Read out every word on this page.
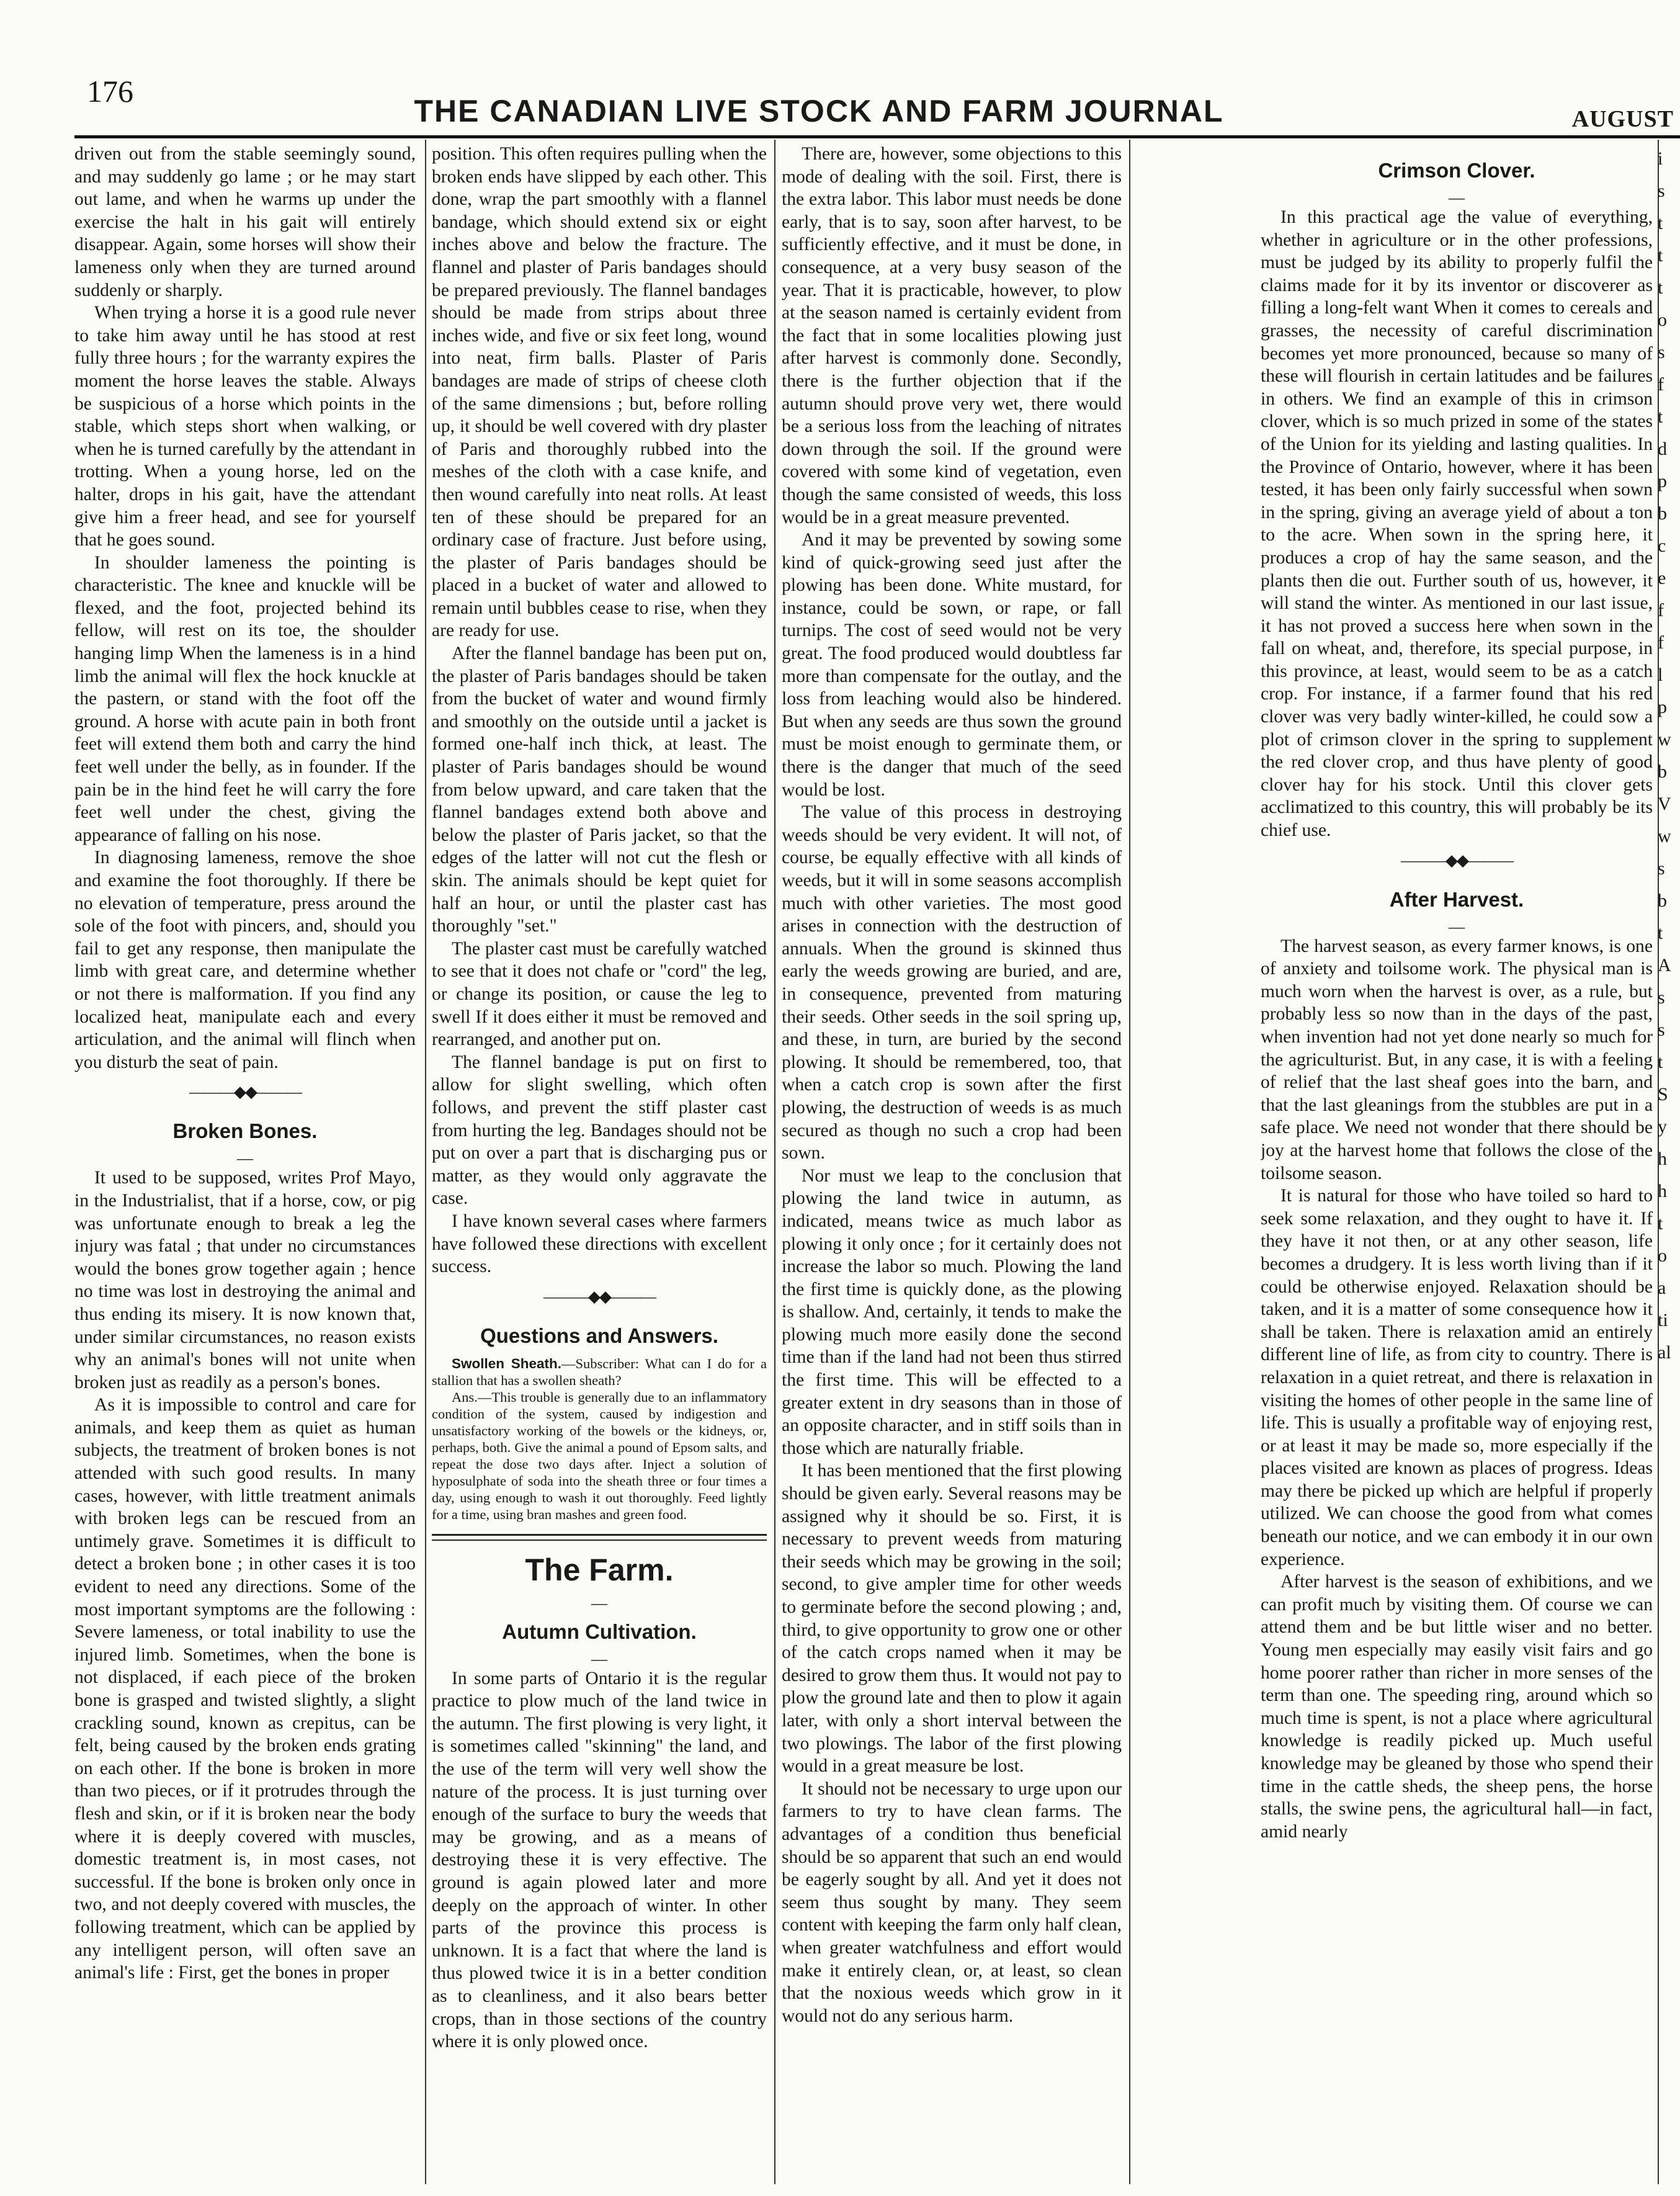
176
THE CANADIAN LIVE STOCK AND FARM JOURNAL	AUGUST

driven out from the stable seemingly sound, and may suddenly go lame ; or he may start out lame, and when he warms up under the exercise the halt in his gait will entirely disappear. Again, some horses will show their lameness only when they are turned around suddenly or sharply.

When trying a horse it is a good rule never to take him away until he has stood at rest fully three hours ; for the warranty expires the moment the horse leaves the stable. Always be suspicious of a horse which points in the stable, which steps short when walking, or when he is turned carefully by the attendant in trotting. When a young horse, led on the halter, drops in his gait, have the attendant give him a freer head, and see for yourself that he goes sound.

In shoulder lameness the pointing is characteristic. The knee and knuckle will be flexed, and the foot, projected behind its fellow, will rest on its toe, the shoulder hanging limp When the lameness is in a hind limb the animal will flex the hock knuckle at the pastern, or stand with the foot off the ground. A horse with acute pain in both front feet will extend them both and carry the hind feet well under the belly, as in founder. If the pain be in the hind feet he will carry the fore feet well under the chest, giving the appearance of falling on his nose.

In diagnosing lameness, remove the shoe and examine the foot thoroughly. If there be no elevation of temperature, press around the sole of the foot with pincers, and, should you fail to get any response, then manipulate the limb with great care, and determine whether or not there is malformation. If you find any localized heat, manipulate each and every articulation, and the animal will flinch when you disturb the seat of pain.

———◆◆———
Broken Bones.
—

It used to be supposed, writes Prof Mayo, in the Industrialist, that if a horse, cow, or pig was unfortunate enough to break a leg the injury was fatal ; that under no circumstances would the bones grow together again ; hence no time was lost in destroying the animal and thus ending its misery. It is now known that, under similar circumstances, no reason exists why an animal's bones will not unite when broken just as readily as a person's bones.

As it is impossible to control and care for animals, and keep them as quiet as human subjects, the treatment of broken bones is not attended with such good results. In many cases, however, with little treatment animals with broken legs can be rescued from an untimely grave. Sometimes it is difficult to detect a broken bone ; in other cases it is too evident to need any directions. Some of the most important symptoms are the following : Severe lameness, or total inability to use the injured limb. Sometimes, when the bone is not displaced, if each piece of the broken bone is grasped and twisted slightly, a slight crackling sound, known as crepitus, can be felt, being caused by the broken ends grating on each other. If the bone is broken in more than two pieces, or if it protrudes through the flesh and skin, or if it is broken near the body where it is deeply covered with muscles, domestic treatment is, in most cases, not successful. If the bone is broken only once in two, and not deeply covered with muscles, the following treatment, which can be applied by any intelligent person, will often save an animal's life : First, get the bones in proper

position. This often requires pulling when the broken ends have slipped by each other. This done, wrap the part smoothly with a flannel bandage, which should extend six or eight inches above and below the fracture. The flannel and plaster of Paris bandages should be prepared previously. The flannel bandages should be made from strips about three inches wide, and five or six feet long, wound into neat, firm balls. Plaster of Paris bandages are made of strips of cheese cloth of the same dimensions ; but, before rolling up, it should be well covered with dry plaster of Paris and thoroughly rubbed into the meshes of the cloth with a case knife, and then wound carefully into neat rolls. At least ten of these should be prepared for an ordinary case of fracture. Just before using, the plaster of Paris bandages should be placed in a bucket of water and allowed to remain until bubbles cease to rise, when they are ready for use.

After the flannel bandage has been put on, the plaster of Paris bandages should be taken from the bucket of water and wound firmly and smoothly on the outside until a jacket is formed one-half inch thick, at least. The plaster of Paris bandages should be wound from below upward, and care taken that the flannel bandages extend both above and below the plaster of Paris jacket, so that the edges of the latter will not cut the flesh or skin. The animals should be kept quiet for half an hour, or until the plaster cast has thoroughly "set."

The plaster cast must be carefully watched to see that it does not chafe or "cord" the leg, or change its position, or cause the leg to swell If it does either it must be removed and rearranged, and another put on.

The flannel bandage is put on first to allow for slight swelling, which often follows, and prevent the stiff plaster cast from hurting the leg. Bandages should not be put on over a part that is discharging pus or matter, as they would only aggravate the case.

I have known several cases where farmers have followed these directions with excellent success.

———◆◆———
Questions and Answers.

Swollen Sheath.—Subscriber: What can I do for a stallion that has a swollen sheath?

Ans.—This trouble is generally due to an inflammatory condition of the system, caused by indigestion and unsatisfactory working of the bowels or the kidneys, or, perhaps, both. Give the animal a pound of Epsom salts, and repeat the dose two days after. Inject a solution of hyposulphate of soda into the sheath three or four times a day, using enough to wash it out thoroughly. Feed lightly for a time, using bran mashes and green food.

The Farm.
—
Autumn Cultivation.
—

In some parts of Ontario it is the regular practice to plow much of the land twice in the autumn. The first plowing is very light, it is sometimes called "skinning" the land, and the use of the term will very well show the nature of the process. It is just turning over enough of the surface to bury the weeds that may be growing, and as a means of destroying these it is very effective. The ground is again plowed later and more deeply on the approach of winter. In other parts of the province this process is unknown. It is a fact that where the land is thus plowed twice it is in a better condition as to cleanliness, and it also bears better crops, than in those sections of the country where it is only plowed once.

There are, however, some objections to this mode of dealing with the soil. First, there is the extra labor. This labor must needs be done early, that is to say, soon after harvest, to be sufficiently effective, and it must be done, in consequence, at a very busy season of the year. That it is practicable, however, to plow at the season named is certainly evident from the fact that in some localities plowing just after harvest is commonly done. Secondly, there is the further objection that if the autumn should prove very wet, there would be a serious loss from the leaching of nitrates down through the soil. If the ground were covered with some kind of vegetation, even though the same consisted of weeds, this loss would be in a great measure prevented.

And it may be prevented by sowing some kind of quick-growing seed just after the plowing has been done. White mustard, for instance, could be sown, or rape, or fall turnips. The cost of seed would not be very great. The food produced would doubtless far more than compensate for the outlay, and the loss from leaching would also be hindered. But when any seeds are thus sown the ground must be moist enough to germinate them, or there is the danger that much of the seed would be lost.

The value of this process in destroying weeds should be very evident. It will not, of course, be equally effective with all kinds of weeds, but it will in some seasons accomplish much with other varieties. The most good arises in connection with the destruction of annuals. When the ground is skinned thus early the weeds growing are buried, and are, in consequence, prevented from maturing their seeds. Other seeds in the soil spring up, and these, in turn, are buried by the second plowing. It should be remembered, too, that when a catch crop is sown after the first plowing, the destruction of weeds is as much secured as though no such a crop had been sown.

Nor must we leap to the conclusion that plowing the land twice in autumn, as indicated, means twice as much labor as plowing it only once ; for it certainly does not increase the labor so much. Plowing the land the first time is quickly done, as the plowing is shallow. And, certainly, it tends to make the plowing much more easily done the second time than if the land had not been thus stirred the first time. This will be effected to a greater extent in dry seasons than in those of an opposite character, and in stiff soils than in those which are naturally friable.

It has been mentioned that the first plowing should be given early. Several reasons may be assigned why it should be so. First, it is necessary to prevent weeds from maturing their seeds which may be growing in the soil; second, to give ampler time for other weeds to germinate before the second plowing ; and, third, to give opportunity to grow one or other of the catch crops named when it may be desired to grow them thus. It would not pay to plow the ground late and then to plow it again later, with only a short interval between the two plowings. The labor of the first plowing would in a great measure be lost.

It should not be necessary to urge upon our farmers to try to have clean farms. The advantages of a condition thus beneficial should be so apparent that such an end would be eagerly sought by all. And yet it does not seem thus sought by many. They seem content with keeping the farm only half clean, when greater watchfulness and effort would make it entirely clean, or, at least, so clean that the noxious weeds which grow in it would not do any serious harm.

Crimson Clover.
—

In this practical age the value of everything, whether in agriculture or in the other professions, must be judged by its ability to properly fulfil the claims made for it by its inventor or discoverer as filling a long-felt want When it comes to cereals and grasses, the necessity of careful discrimination becomes yet more pronounced, because so many of these will flourish in certain latitudes and be failures in others. We find an example of this in crimson clover, which is so much prized in some of the states of the Union for its yielding and lasting qualities. In the Province of Ontario, however, where it has been tested, it has been only fairly successful when sown in the spring, giving an average yield of about a ton to the acre. When sown in the spring here, it produces a crop of hay the same season, and the plants then die out. Further south of us, however, it will stand the winter. As mentioned in our last issue, it has not proved a success here when sown in the fall on wheat, and, therefore, its special purpose, in this province, at least, would seem to be as a catch crop. For instance, if a farmer found that his red clover was very badly winter-killed, he could sow a plot of crimson clover in the spring to supplement the red clover crop, and thus have plenty of good clover hay for his stock. Until this clover gets acclimatized to this country, this will probably be its chief use.

———◆◆———
After Harvest.
—

The harvest season, as every farmer knows, is one of anxiety and toilsome work. The physical man is much worn when the harvest is over, as a rule, but probably less so now than in the days of the past, when invention had not yet done nearly so much for the agriculturist. But, in any case, it is with a feeling of relief that the last sheaf goes into the barn, and that the last gleanings from the stubbles are put in a safe place. We need not wonder that there should be joy at the harvest home that follows the close of the toilsome season.

It is natural for those who have toiled so hard to seek some relaxation, and they ought to have it. If they have it not then, or at any other season, life becomes a drudgery. It is less worth living than if it could be otherwise enjoyed. Relaxation should be taken, and it is a matter of some consequence how it shall be taken. There is relaxation amid an entirely different line of life, as from city to country. There is relaxation in a quiet retreat, and there is relaxation in visiting the homes of other people in the same line of life. This is usually a profitable way of enjoying rest, or at least it may be made so, more especially if the places visited are known as places of progress. Ideas may there be picked up which are helpful if properly utilized. We can choose the good from what comes beneath our notice, and we can embody it in our own experience.

After harvest is the season of exhibitions, and we can profit much by visiting them. Of course we can attend them and be but little wiser and no better. Young men especially may easily visit fairs and go home poorer rather than richer in more senses of the term than one. The speeding ring, around which so much time is spent, is not a place where agricultural knowledge is readily picked up. Much useful knowledge may be gleaned by those who spend their time in the cattle sheds, the sheep pens, the horse stalls, the swine pens, the agricultural hall—in fact, amid nearly

i
s
t
t
t
o
s
f
t
d
p
b
c
e
f
f
l
p
w
b
V
w
s
b
t
A
s
s
t
S
y
h
h
t
o
a
ti
al
